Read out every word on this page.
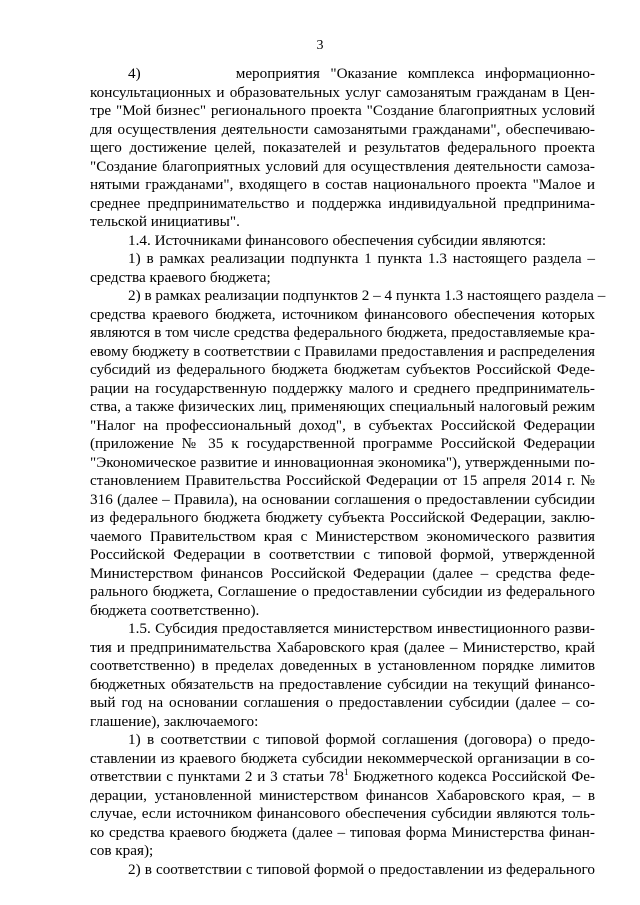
3
4)         мероприятия "Оказание комплекса информационно-
консультационных и образовательных услуг самозанятым гражданам в Цен-
тре "Мой бизнес" регионального проекта "Создание благоприятных условий
для осуществления деятельности самозанятыми гражданами", обеспечиваю-
щего достижение целей, показателей и результатов федерального проекта
"Создание благоприятных условий для осуществления деятельности самоза-
нятыми гражданами", входящего в состав национального проекта "Малое и
среднее предпринимательство и поддержка индивидуальной предпринима-
тельской инициативы".
1.4. Источниками финансового обеспечения субсидии являются:
1) в рамках реализации подпункта 1 пункта 1.3 настоящего раздела –
средства краевого бюджета;
2) в рамках реализации подпунктов 2 – 4 пункта 1.3 настоящего раздела –
средства краевого бюджета, источником финансового обеспечения которых
являются в том числе средства федерального бюджета, предоставляемые кра-
евому бюджету в соответствии с Правилами предоставления и распределения
субсидий из федерального бюджета бюджетам субъектов Российской Феде-
рации на государственную поддержку малого и среднего предприниматель-
ства, а также физических лиц, применяющих специальный налоговый режим
"Налог на профессиональный доход", в субъектах Российской Федерации
(приложение № 35 к государственной программе Российской Федерации
"Экономическое развитие и инновационная экономика"), утвержденными по-
становлением Правительства Российской Федерации от 15 апреля 2014 г. №
316 (далее – Правила), на основании соглашения о предоставлении субсидии
из федерального бюджета бюджету субъекта Российской Федерации, заклю-
чаемого Правительством края с Министерством экономического развития
Российской Федерации в соответствии с типовой формой, утвержденной
Министерством финансов Российской Федерации (далее – средства феде-
рального бюджета, Соглашение о предоставлении субсидии из федерального
бюджета соответственно).
1.5. Субсидия предоставляется министерством инвестиционного разви-
тия и предпринимательства Хабаровского края (далее – Министерство, край
соответственно) в пределах доведенных в установленном порядке лимитов
бюджетных обязательств на предоставление субсидии на текущий финансо-
вый год на основании соглашения о предоставлении субсидии (далее – со-
глашение), заключаемого:
1) в соответствии с типовой формой соглашения (договора) о предо-
ставлении из краевого бюджета субсидии некоммерческой организации в со-
ответствии с пунктами 2 и 3 статьи $78^1$ Бюджетного кодекса Российской Фе-
дерации, установленной министерством финансов Хабаровского края, – в
случае, если источником финансового обеспечения субсидии являются толь-
ко средства краевого бюджета (далее – типовая форма Министерства финан-
сов края);
2) в соответствии с типовой формой о предоставлении из федерального
